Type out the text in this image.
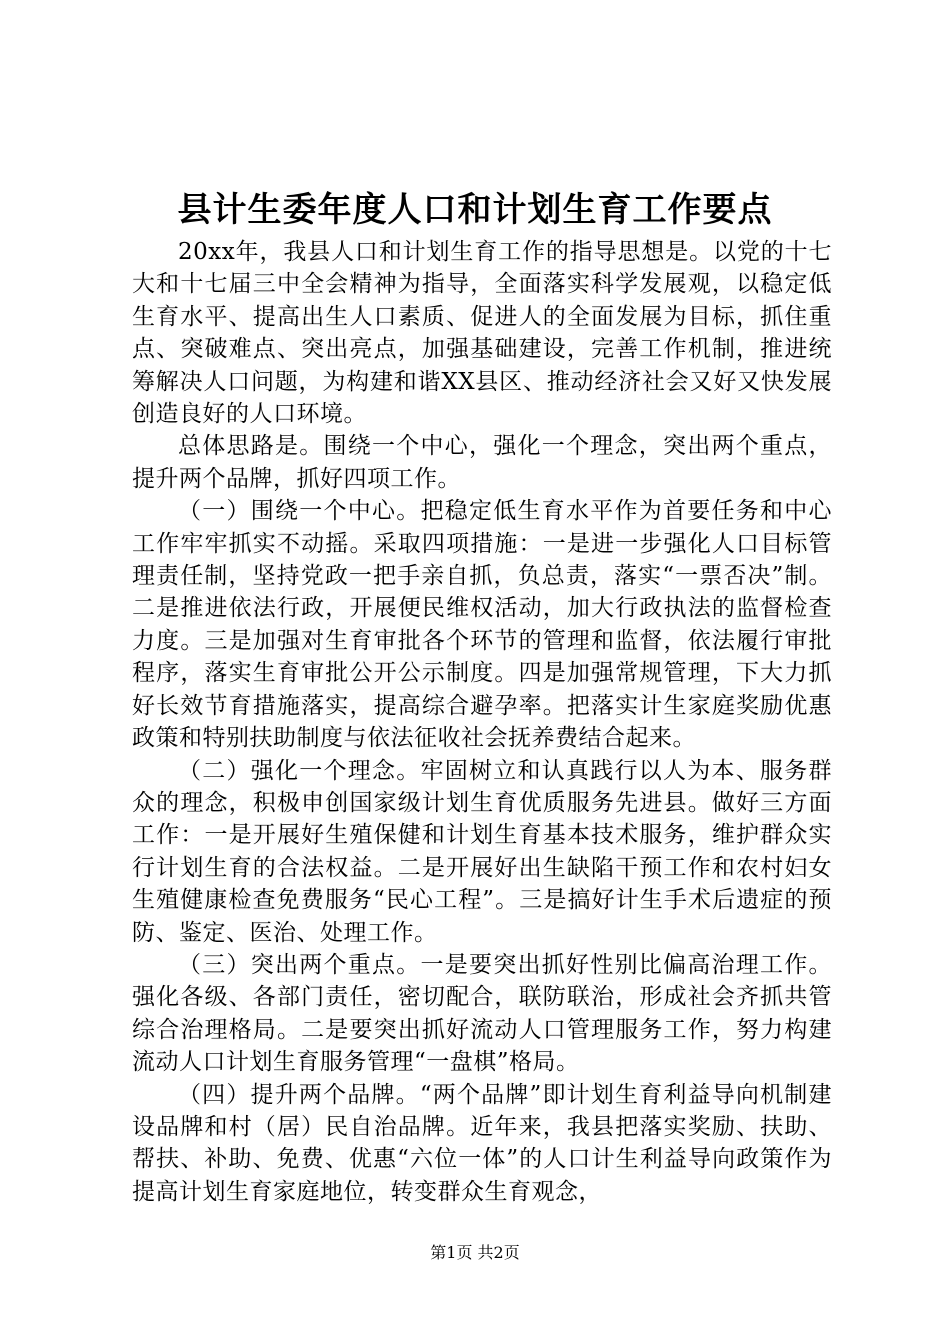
县计生委年度人口和计划生育工作要点

20xx年，我县人口和计划生育工作的指导思想是。以党的十七大和十七届三中全会精神为指导，全面落实科学发展观，以稳定低生育水平、提高出生人口素质、促进人的全面发展为目标，抓住重点、突破难点、突出亮点，加强基础建设，完善工作机制，推进统筹解决人口问题，为构建和谐XX县区、推动经济社会又好又快发展创造良好的人口环境。

总体思路是。围绕一个中心，强化一个理念，突出两个重点，提升两个品牌，抓好四项工作。

（一）围绕一个中心。把稳定低生育水平作为首要任务和中心工作牢牢抓实不动摇。采取四项措施：一是进一步强化人口目标管理责任制，坚持党政一把手亲自抓，负总责，落实“一票否决”制。二是推进依法行政，开展便民维权活动，加大行政执法的监督检查力度。三是加强对生育审批各个环节的管理和监督，依法履行审批程序，落实生育审批公开公示制度。四是加强常规管理，下大力抓好长效节育措施落实，提高综合避孕率。把落实计生家庭奖励优惠政策和特别扶助制度与依法征收社会抚养费结合起来。

（二）强化一个理念。牢固树立和认真践行以人为本、服务群众的理念，积极申创国家级计划生育优质服务先进县。做好三方面工作：一是开展好生殖保健和计划生育基本技术服务，维护群众实行计划生育的合法权益。二是开展好出生缺陷干预工作和农村妇女生殖健康检查免费服务“民心工程”。三是搞好计生手术后遗症的预防、鉴定、医治、处理工作。

（三）突出两个重点。一是要突出抓好性别比偏高治理工作。强化各级、各部门责任，密切配合，联防联治，形成社会齐抓共管综合治理格局。二是要突出抓好流动人口管理服务工作，努力构建流动人口计划生育服务管理“一盘棋”格局。

（四）提升两个品牌。“两个品牌”即计划生育利益导向机制建设品牌和村（居）民自治品牌。近年来，我县把落实奖励、扶助、帮扶、补助、免费、优惠“六位一体”的人口计生利益导向政策作为提高计划生育家庭地位，转变群众生育观念，

第1页 共2页
